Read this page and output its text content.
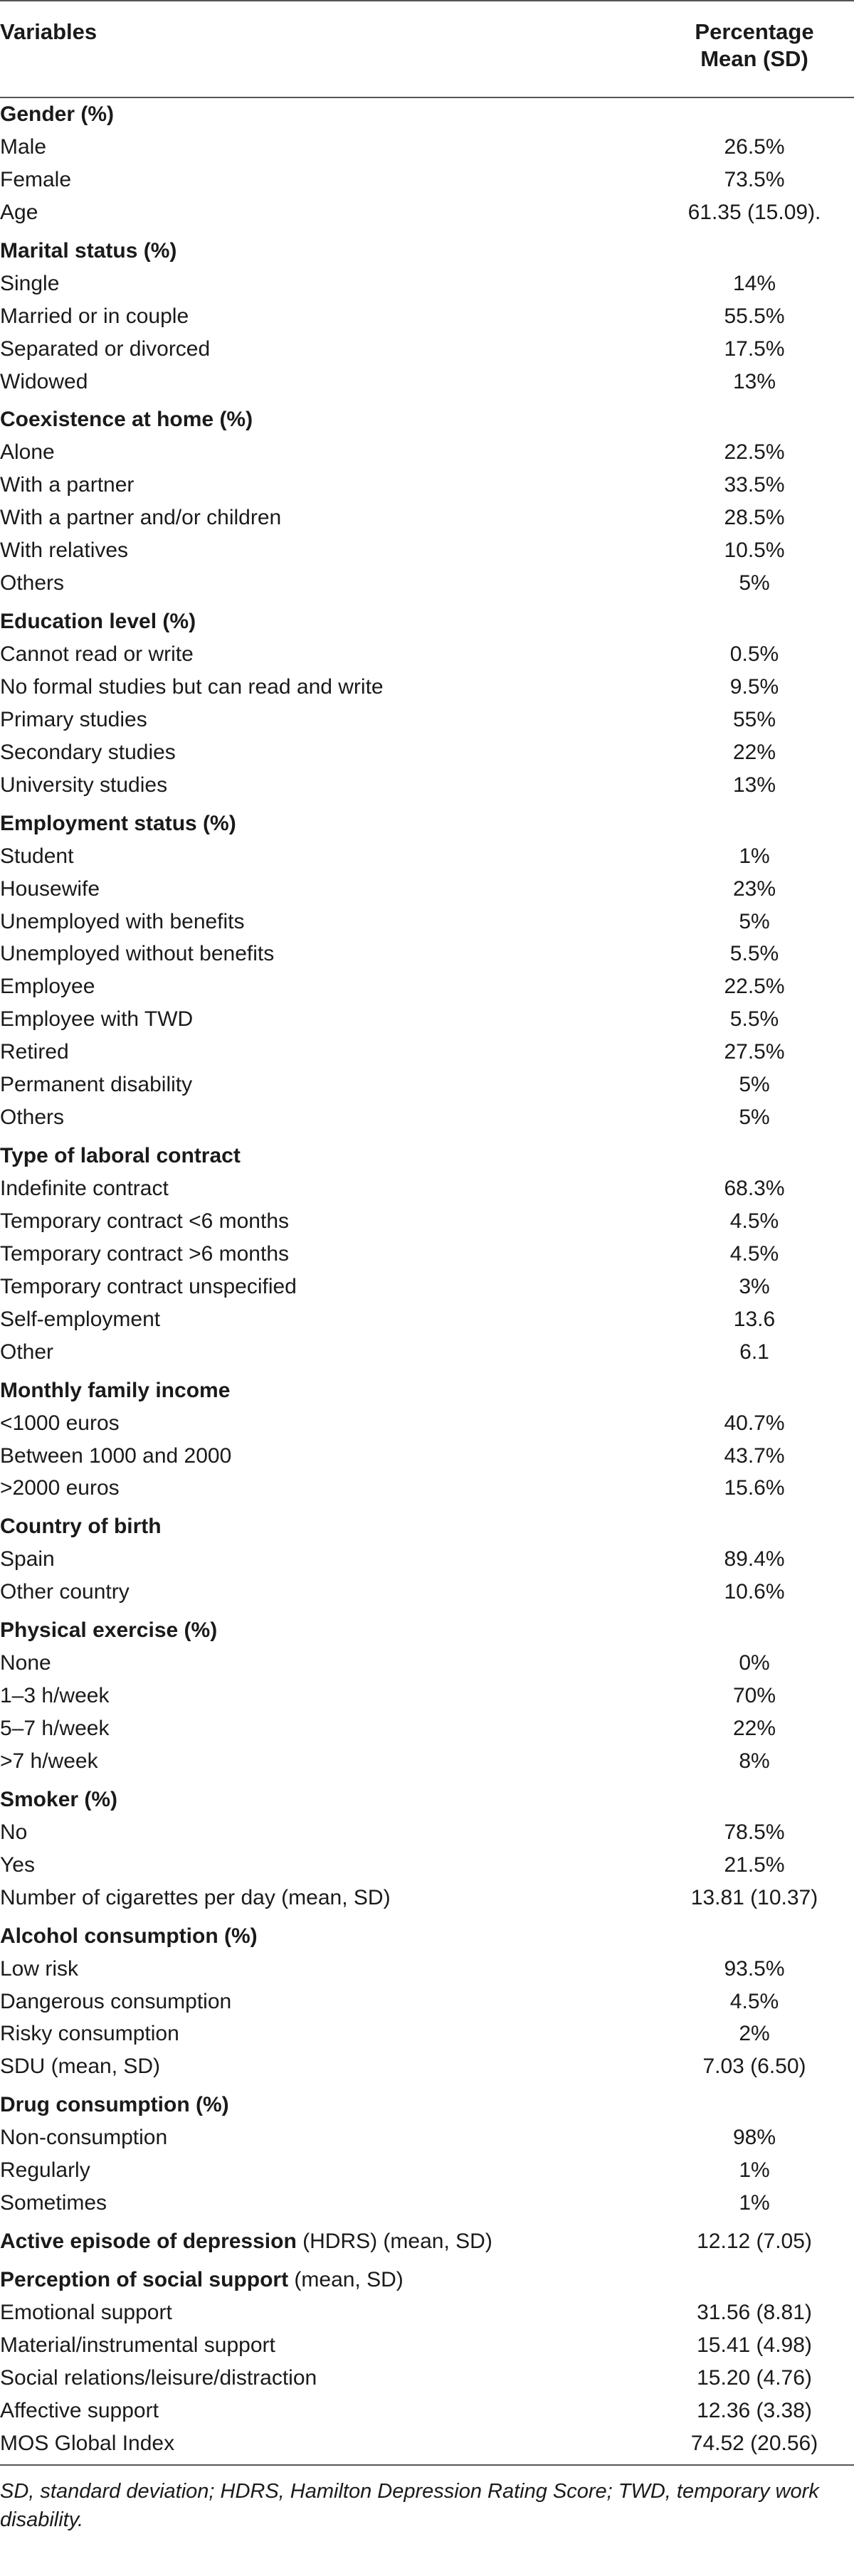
Variables	Percentage
Mean (SD)
Gender (%)
Male	26.5%
Female	73.5%
Age	61.35 (15.09).
Marital status (%)
Single	14%
Married or in couple	55.5%
Separated or divorced	17.5%
Widowed	13%
Coexistence at home (%)
Alone	22.5%
With a partner	33.5%
With a partner and/or children	28.5%
With relatives	10.5%
Others	5%
Education level (%)
Cannot read or write	0.5%
No formal studies but can read and write	9.5%
Primary studies	55%
Secondary studies	22%
University studies	13%
Employment status (%)
Student	1%
Housewife	23%
Unemployed with benefits	5%
Unemployed without benefits	5.5%
Employee	22.5%
Employee with TWD	5.5%
Retired	27.5%
Permanent disability	5%
Others	5%
Type of laboral contract
Indefinite contract	68.3%
Temporary contract <6 months	4.5%
Temporary contract >6 months	4.5%
Temporary contract unspecified	3%
Self-employment	13.6
Other	6.1
Monthly family income
<1000 euros	40.7%
Between 1000 and 2000	43.7%
>2000 euros	15.6%
Country of birth
Spain	89.4%
Other country	10.6%
Physical exercise (%)
None	0%
1–3 h/week	70%
5–7 h/week	22%
>7 h/week	8%
Smoker (%)
No	78.5%
Yes	21.5%
Number of cigarettes per day (mean, SD)	13.81 (10.37)
Alcohol consumption (%)
Low risk	93.5%
Dangerous consumption	4.5%
Risky consumption	2%
SDU (mean, SD)	7.03 (6.50)
Drug consumption (%)
Non-consumption	98%
Regularly	1%
Sometimes	1%
Active episode of depression (HDRS) (mean, SD)	12.12 (7.05)
Perception of social support (mean, SD)
Emotional support	31.56 (8.81)
Material/instrumental support	15.41 (4.98)
Social relations/leisure/distraction	15.20 (4.76)
Affective support	12.36 (3.38)
MOS Global Index	74.52 (20.56)
SD, standard deviation; HDRS, Hamilton Depression Rating Score; TWD, temporary work disability.
